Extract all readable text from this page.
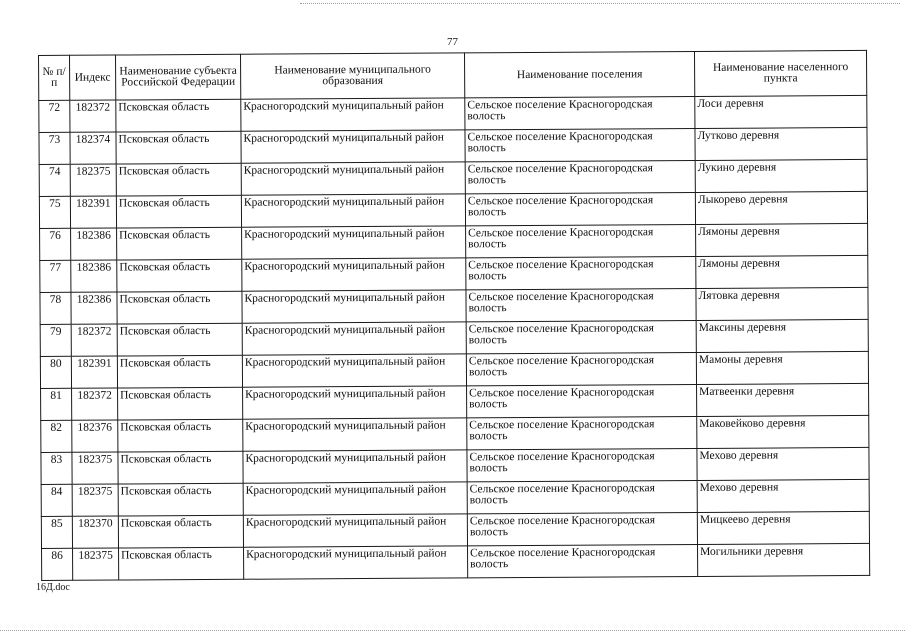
77
№ п/п	Индекс	Наименование субъекта Российской Федерации	Наименование муниципального образования	Наименование поселения	Наименование населенного пункта
72	182372	Псковская область	Красногородский муниципальный район	Сельское поселение Красногородская волость	Лоси деревня
73	182374	Псковская область	Красногородский муниципальный район	Сельское поселение Красногородская волость	Лутково деревня
74	182375	Псковская область	Красногородский муниципальный район	Сельское поселение Красногородская волость	Лукино деревня
75	182391	Псковская область	Красногородский муниципальный район	Сельское поселение Красногородская волость	Лыкорево деревня
76	182386	Псковская область	Красногородский муниципальный район	Сельское поселение Красногородская волость	Лямоны деревня
77	182386	Псковская область	Красногородский муниципальный район	Сельское поселение Красногородская волость	Лямоны деревня
78	182386	Псковская область	Красногородский муниципальный район	Сельское поселение Красногородская волость	Лятовка деревня
79	182372	Псковская область	Красногородский муниципальный район	Сельское поселение Красногородская волость	Максины деревня
80	182391	Псковская область	Красногородский муниципальный район	Сельское поселение Красногородская волость	Мамоны деревня
81	182372	Псковская область	Красногородский муниципальный район	Сельское поселение Красногородская волость	Матвеенки деревня
82	182376	Псковская область	Красногородский муниципальный район	Сельское поселение Красногородская волость	Маковейково деревня
83	182375	Псковская область	Красногородский муниципальный район	Сельское поселение Красногородская волость	Мехово деревня
84	182375	Псковская область	Красногородский муниципальный район	Сельское поселение Красногородская волость	Мехово деревня
85	182370	Псковская область	Красногородский муниципальный район	Сельское поселение Красногородская волость	Мицкеево деревня
86	182375	Псковская область	Красногородский муниципальный район	Сельское поселение Красногородская волость	Могильники деревня
16Д.doc
